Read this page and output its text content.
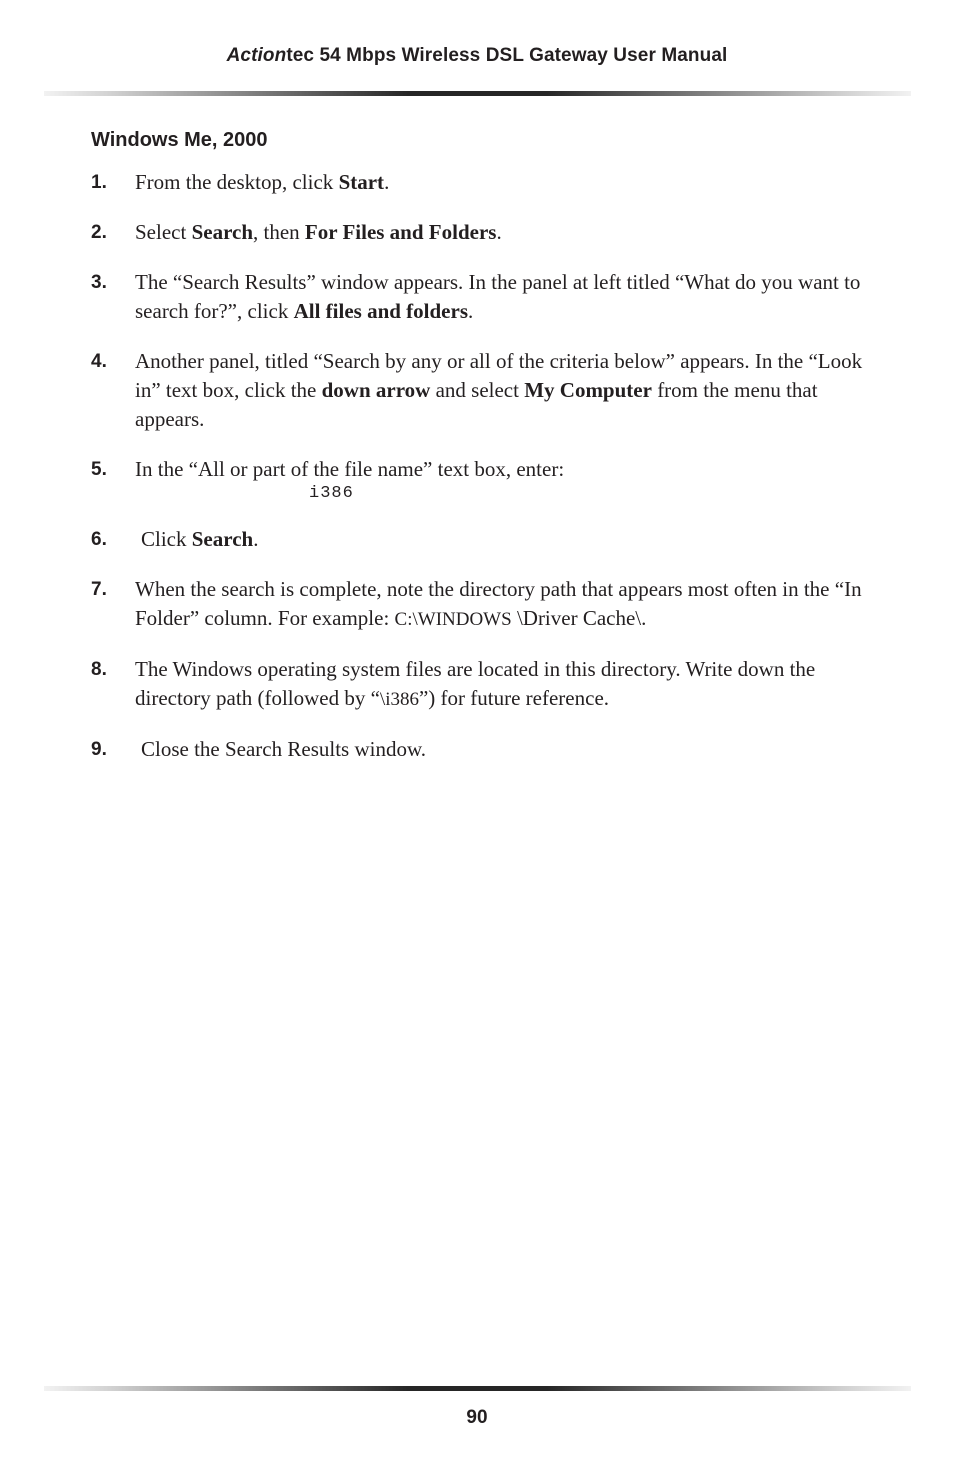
Actiontec 54 Mbps Wireless DSL Gateway User Manual
Windows Me, 2000
1. From the desktop, click Start.
2. Select Search, then For Files and Folders.
3. The “Search Results” window appears. In the panel at left titled “What do you want to search for?”, click All files and folders.
4. Another panel, titled “Search by any or all of the criteria below” appears. In the “Look in” text box, click the down arrow and select My Computer from the menu that appears.
5. In the “All or part of the file name” text box, enter:
i386
6. Click Search.
7. When the search is complete, note the directory path that appears most often in the “In Folder” column. For example: C:\WINDOWS \Driver Cache\.
8. The Windows operating system files are located in this directory. Write down the directory path (followed by “\i386”) for future reference.
9. Close the Search Results window.
90
